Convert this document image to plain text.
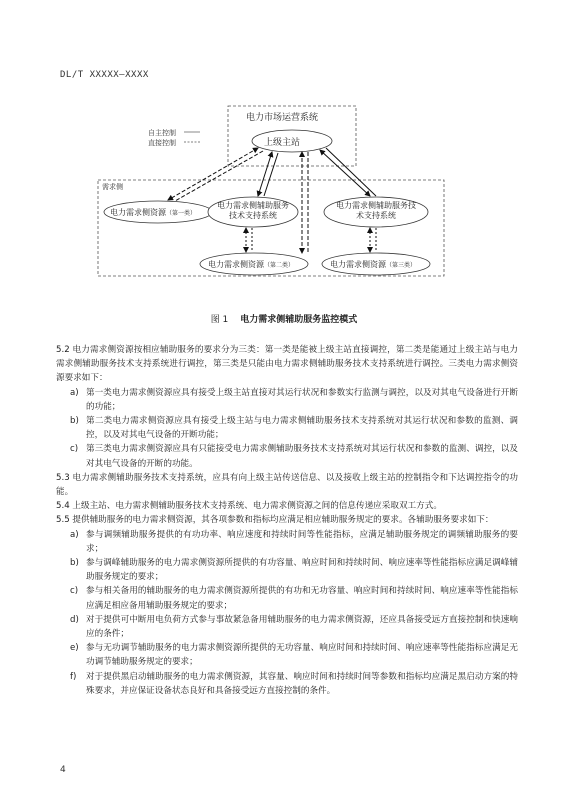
DL/T XXXXX—XXXX
电力市场运营系统
上级主站
自主控制
直接控制
需求侧
电力需求侧资源（第一类）
电力需求侧辅助服务
技术支持系统
电力需求侧辅助服务技
术支持系统
电力需求侧资源（第二类）	电力需求侧资源（第三类）
图 1 电力需求侧辅助服务监控模式

5.2 电力需求侧资源按相应辅助服务的要求分为三类：第一类是能被上级主站直接调控，第二类是能通过上级主站与电力需求侧辅助服务技术支持系统进行调控，第三类是只能由电力需求侧辅助服务技术支持系统进行调控。三类电力需求侧资源要求如下：

a) 第一类电力需求侧资源应具有接受上级主站直接对其运行状况和参数实行监测与调控，以及对其电气设备进行开断的功能；

b) 第二类电力需求侧资源应具有接受上级主站与电力需求侧辅助服务技术支持系统对其运行状况和参数的监测、调控，以及对其电气设备的开断功能；

c) 第三类电力需求侧资源应具有只能接受电力需求侧辅助服务技术支持系统对其运行状况和参数的监测、调控，以及对其电气设备的开断的功能。

5.3 电力需求侧辅助服务技术支持系统，应具有向上级主站传送信息、以及接收上级主站的控制指令和下达调控指令的功能。

5.4 上级主站、电力需求侧辅助服务技术支持系统、电力需求侧资源之间的信息传递应采取双工方式。

5.5 提供辅助服务的电力需求侧资源，其各项参数和指标均应满足相应辅助服务规定的要求。各辅助服务要求如下：

a) 参与调频辅助服务提供的有功功率、响应速度和持续时间等性能指标，应满足辅助服务规定的调频辅助服务的要求；

b) 参与调峰辅助服务的电力需求侧资源所提供的有功容量、响应时间和持续时间、响应速率等性能指标应满足调峰辅助服务规定的要求；

c) 参与相关备用的辅助服务的电力需求侧资源所提供的有功和无功容量、响应时间和持续时间、响应速率等性能指标应满足相应备用辅助服务规定的要求；

d) 对于提供可中断用电负荷方式参与事故紧急备用辅助服务的电力需求侧资源，还应具备接受远方直接控制和快速响应的条件；

e) 参与无功调节辅助服务的电力需求侧资源所提供的无功容量、响应时间和持续时间、响应速率等性能指标应满足无功调节辅助服务规定的要求；

f) 对于提供黑启动辅助服务的电力需求侧资源，其容量、响应时间和持续时间等参数和指标均应满足黑启动方案的特殊要求，并应保证设备状态良好和具备接受远方直接控制的条件。

4
